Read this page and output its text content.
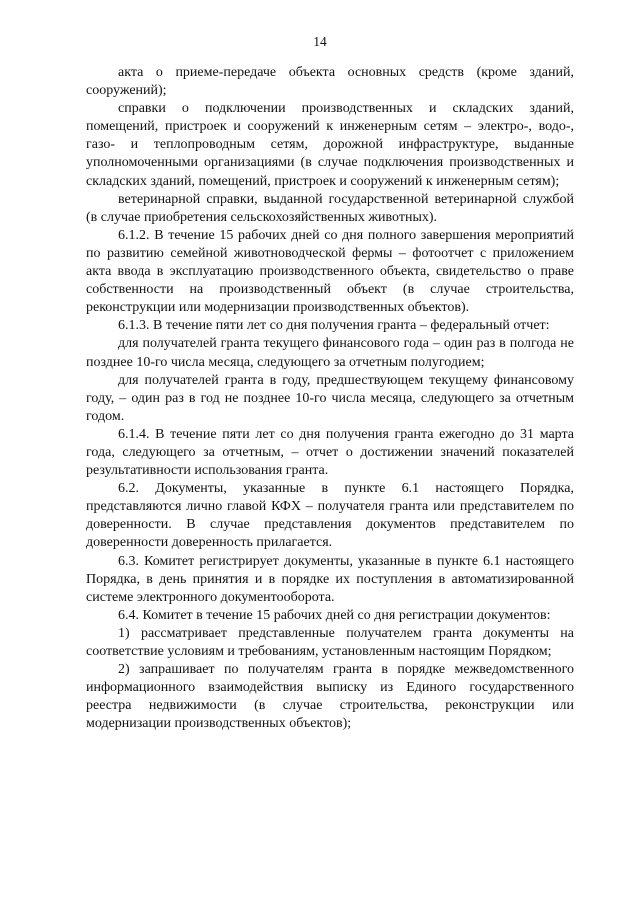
14

акта о приеме-передаче объекта основных средств (кроме зданий, сооружений);

справки о подключении производственных и складских зданий, помещений, пристроек и сооружений к инженерным сетям – электро-, водо-, газо- и теплопроводным сетям, дорожной инфраструктуре, выданные уполномоченными организациями (в случае подключения производственных и складских зданий, помещений, пристроек и сооружений к инженерным сетям);

ветеринарной справки, выданной государственной ветеринарной службой (в случае приобретения сельскохозяйственных животных).

6.1.2. В течение 15 рабочих дней со дня полного завершения мероприятий по развитию семейной животноводческой фермы – фотоотчет с приложением акта ввода в эксплуатацию производственного объекта, свидетельство о праве собственности на производственный объект (в случае строительства, реконструкции или модернизации производственных объектов).

6.1.3. В течение пяти лет со дня получения гранта – федеральный отчет:

для получателей гранта текущего финансового года – один раз в полгода не позднее 10-го числа месяца, следующего за отчетным полугодием;

для получателей гранта в году, предшествующем текущему финансовому году, – один раз в год не позднее 10-го числа месяца, следующего за отчетным годом.

6.1.4. В течение пяти лет со дня получения гранта ежегодно до 31 марта года, следующего за отчетным, – отчет о достижении значений показателей результативности использования гранта.

6.2. Документы, указанные в пункте 6.1 настоящего Порядка, представляются лично главой КФХ – получателя гранта или представителем по доверенности. В случае представления документов представителем по доверенности доверенность прилагается.

6.3. Комитет регистрирует документы, указанные в пункте 6.1 настоящего Порядка, в день принятия и в порядке их поступления в автоматизированной системе электронного документооборота.

6.4. Комитет в течение 15 рабочих дней со дня регистрации документов:

1) рассматривает представленные получателем гранта документы на соответствие условиям и требованиям, установленным настоящим Порядком;

2) запрашивает по получателям гранта в порядке межведомственного информационного взаимодействия выписку из Единого государственного реестра недвижимости (в случае строительства, реконструкции или модернизации производственных объектов);
